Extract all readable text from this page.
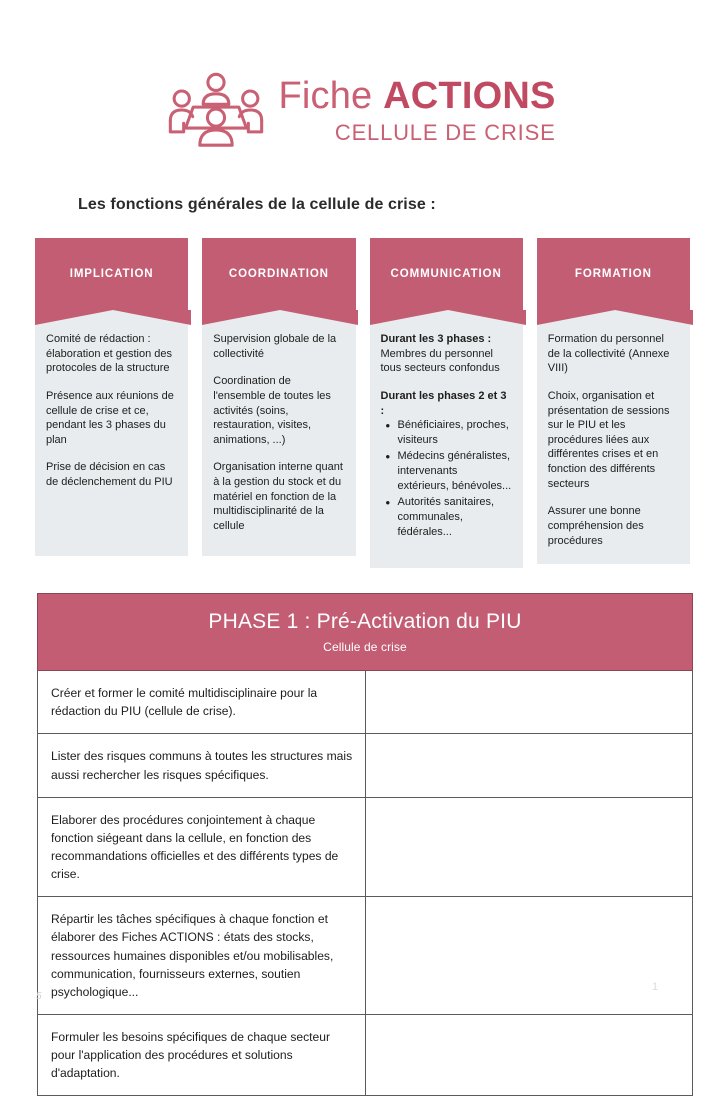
Fiche ACTIONS
CELLULE DE CRISE
Les fonctions générales de la cellule de crise :
IMPLICATION

Comité de rédaction : élaboration et gestion des protocoles de la structure

Présence aux réunions de cellule de crise et ce, pendant les 3 phases du plan

Prise de décision en cas de déclenchement du PIU

COORDINATION

Supervision globale de la collectivité

Coordination de l'ensemble de toutes les activités (soins, restauration, visites, animations, ...)

Organisation interne quant à la gestion du stock et du matériel en fonction de la multidisciplinarité de la cellule

COMMUNICATION

Durant les 3 phases :

Membres du personnel tous secteurs confondus

Durant les phases 2 et 3 :

• Bénéficiaires, proches, visiteurs
• Médecins généralistes, intervenants extérieurs, bénévoles...
• Autorités sanitaires, communales, fédérales...
FORMATION

Formation du personnel de la collectivité (Annexe VIII)

Choix, organisation et présentation de sessions sur le PIU et les procédures liées aux différentes crises et en fonction des différents secteurs

Assurer une bonne compréhension des procédures

PHASE 1 : Pré-Activation du PIU
Cellule de crise	

Créer et former le comité multidisciplinaire pour la rédaction du PIU (cellule de crise).	
Lister des risques communs à toutes les structures mais aussi rechercher les risques spécifiques.	
Elaborer des procédures conjointement à chaque fonction siégeant dans la cellule, en fonction des recommandations officielles et des différents types de crise.	
Répartir les tâches spécifiques à chaque fonction et élaborer des Fiches ACTIONS : états des stocks, ressources humaines disponibles et/ou mobilisables, communication, fournisseurs externes, soutien psychologique...	
Formuler les besoins spécifiques de chaque secteur pour l'application des procédures et solutions d'adaptation.	
5
1
